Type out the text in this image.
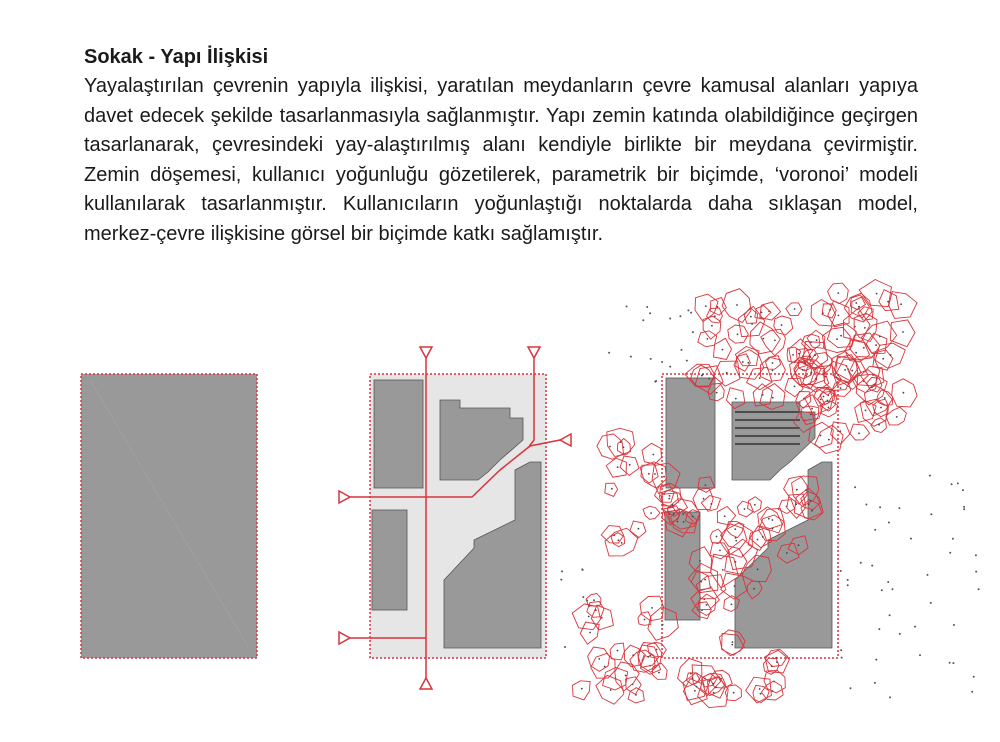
Sokak - Yapı İlişkisi
Yayalaştırılan çevrenin yapıyla ilişkisi, yaratılan meydanların çevre kamusal alanları yapıya davet edecek şekilde tasarlanmasıyla sağlanmıştır. Yapı zemin katında olabildiğince geçirgen tasarlanarak, çevresindeki yay-alaştırılmış alanı kendiyle birlikte bir meydana çevirmiştir. Zemin döşemesi, kullanıcı yoğunluğu gözetilerek, parametrik bir biçimde, ‘voronoi’ modeli kullanılarak tasarlanmıştır. Kullanıcıların yoğunlaştığı noktalarda daha sıklaşan model, merkez-çevre ilişkisine görsel bir biçimde katkı sağlamıştır.
